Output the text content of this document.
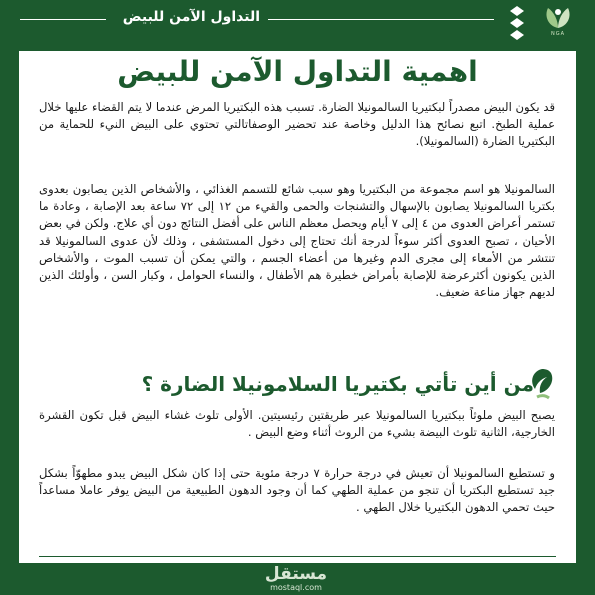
التداول الآمن للبيض
NGA
اهمية التداول الآمن للبيض

قد يكون البيض مصدراً لبكتيريا السالمونيلا الضارة. تسبب هذه البكتيريا المرض عندما لا يتم القضاء عليها خلال عملية الطبخ. اتبع نصائح هذا الدليل وخاصة عند تحضير الوصفاتالتي تحتوي على البيض النيء للحماية من البكتيريا الضارة (السالمونيلا).

السالمونيلا هو اسم مجموعة من البكتيريا وهو سبب شائع للتسمم الغذائي ، والأشخاص الذين يصابون بعدوى بكتريا السالمونيلا يصابون بالإسهال والتشنجات والحمى والقيء من ١٢ إلى ٧٢ ساعة بعد الإصابة ، وعادة ما تستمر أعراض العدوى من ٤ إلى ٧ أيام ويحصل معظم الناس على أفضل النتائج دون أي علاج. ولكن في بعض الأحيان ، تصبح العدوى أكثر سوءاً لدرجة أنك تحتاج إلى دخول المستشفى ، وذلك لأن عدوى السالمونيلا قد تنتشر من الأمعاء إلى مجرى الدم وغيرها من أعضاء الجسم ، والتي يمكن أن تسبب الموت ، والأشخاص الذين يكونون أكثرعرضة للإصابة بأمراض خطيرة هم الأطفال ، والنساء الحوامل ، وكبار السن ، وأولئك الذين لديهم جهاز مناعة ضعيف.

من أين تأتي بكتيريا السلامونيلا الضارة ؟

يصبح البيض ملوثاً ببكتيريا السالمونيلا عبر طريقتين رئيسيتين. الأولى تلوث غشاء البيض قبل تكون القشرة الخارجية، الثانية تلوث البيضة بشيء من الروث أثناء وضع البيض .

و تستطيع السالمونيلا أن تعيش في درجة حرارة ٧ درجة مئوية حتى إذا كان شكل البيض يبدو مطهوّاً بشكل جيد تستطيع البكتريا أن تنجو من عملية الطهي كما أن وجود الدهون الطبيعية من البيض يوفر عاملا مساعداً حيث تحمي الدهون البكتيريا خلال الطهي .

مستقل
mostaql.com
